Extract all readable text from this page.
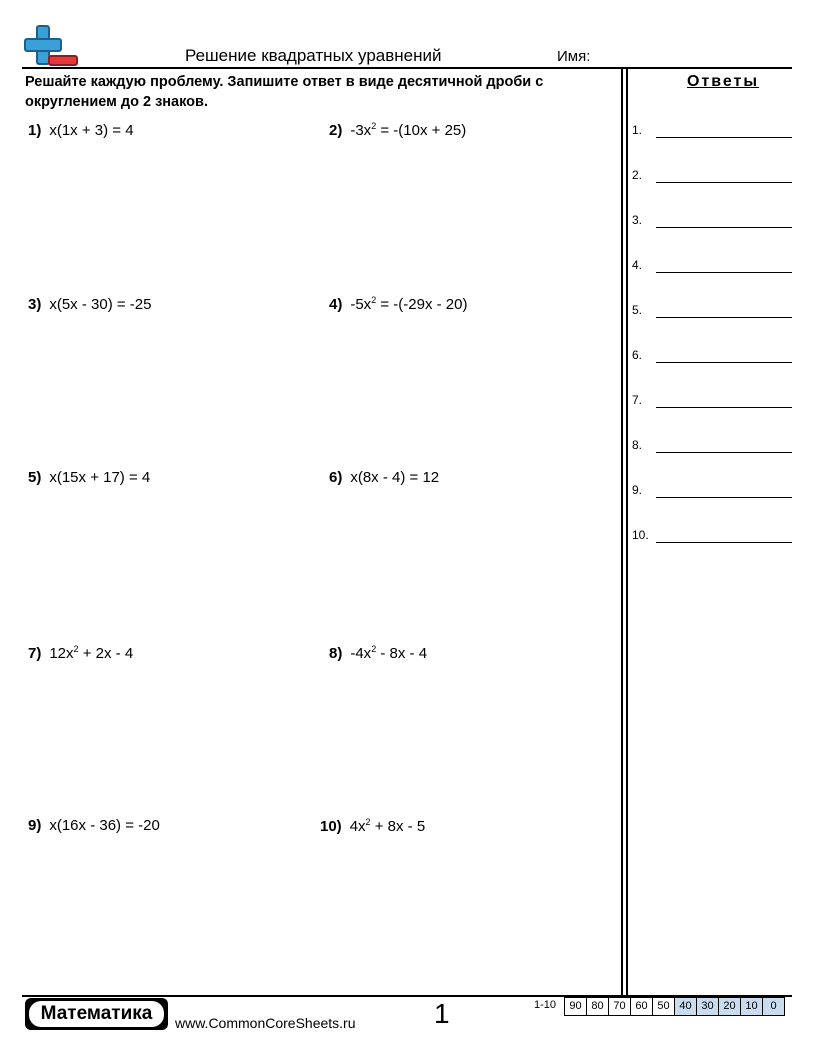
Решение квадратных уравнений	Имя:
Решайте каждую проблему. Запишите ответ в виде десятичной дроби с округлением до 2 знаков.
Ответы
1.
2.
3.
4.
5.
6.
7.
8.
9.
10.
1) x(1x + 3) = 4	2) $-3x^2 = -(10x + 25)$
3) x(5x - 30) = -25	4) $-5x^2 = -(-29x - 20)$
5) x(15x + 17) = 4	6) x(8x - 4) = 12
7) $12x^2 + 2x - 4$	8) $-4x^2 - 8x - 4$
9) x(16x - 36) = -20	10) $4x^2 + 8x - 5$
Математика	www.CommonCoreSheets.ru	1	1-10	90 80 70 60 50 40 30 20 10	0
